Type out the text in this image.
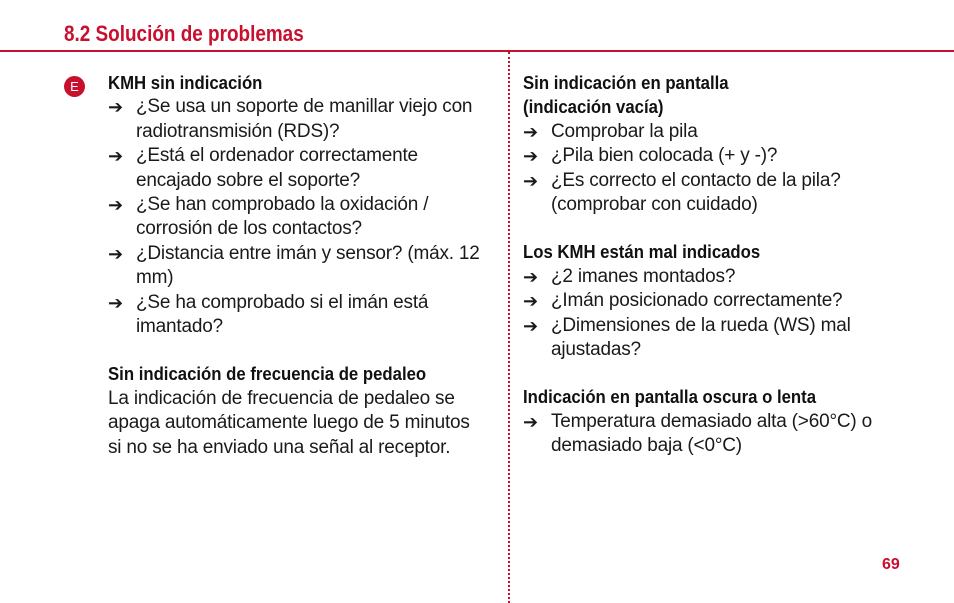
8.2 Solución de problemas
E	KMH sin indicación
➔ ¿Se usa un soporte de manillar viejo con radiotransmisión (RDS)?
➔ ¿Está el ordenador correctamente encajado sobre el soporte?
➔ ¿Se han comprobado la oxidación / corrosión de los contactos?
➔ ¿Distancia entre imán y sensor? (máx. 12 mm)
➔ ¿Se ha comprobado si el imán está imantado?
Sin indicación de frecuencia de pedaleo

La indicación de frecuencia de pedaleo se apaga automáticamente luego de 5 minutos si no se ha enviado una señal al receptor.

Sin indicación en pantalla
(indicación vacía)
➔ Comprobar la pila
➔ ¿Pila bien colocada (+ y -)?
➔ ¿Es correcto el contacto de la pila? (comprobar con cuidado)
Los KMH están mal indicados
➔ ¿2 imanes montados?
➔ ¿Imán posicionado correctamente?
➔ ¿Dimensiones de la rueda (WS) mal ajustadas?
Indicación en pantalla oscura o lenta
➔ Temperatura demasiado alta (>60°C) o demasiado baja (<0°C)
69
